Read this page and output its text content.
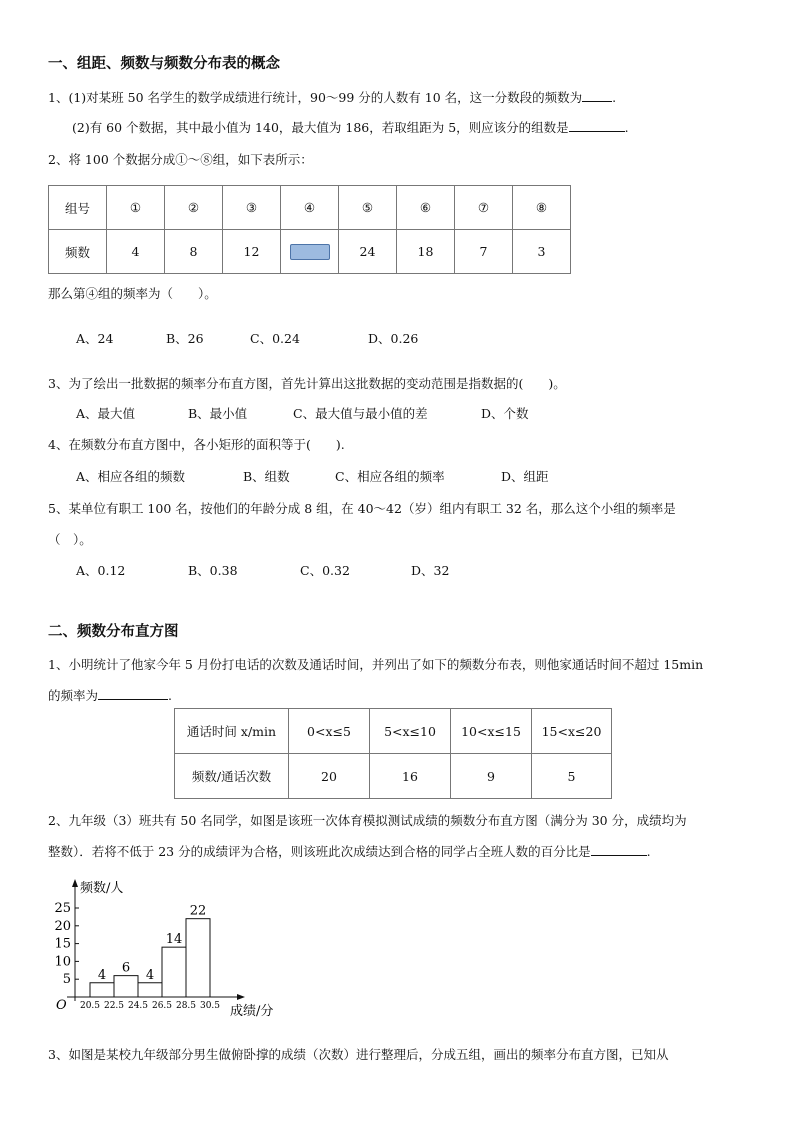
一、组距、频数与频数分布表的概念
1、(1)对某班 50 名学生的数学成绩进行统计，90～99 分的人数有 10 名，这一分数段的频数为 .
(2)有 60 个数据，其中最小值为 140，最大值为 186，若取组距为 5，则应该分的组数是	.
2、将 100 个数据分成①～⑧组，如下表所示：
组号	①	②	③	④	⑤	⑥	⑦	⑧
频数	4	8	12		24	18	7	3
那么第④组的频率为（　　）。
A、24	B、26	C、0.24	D、0.26
3、为了绘出一批数据的频率分布直方图，首先计算出这批数据的变动范围是指数据的(　　)。
A、最大值	B、最小值	C、最大值与最小值的差	D、个数
4、在频数分布直方图中，各小矩形的面积等于(　　).
A、相应各组的频数	B、组数	C、相应各组的频率	D、组距
5、某单位有职工 100 名，按他们的年龄分成 8 组，在 40～42（岁）组内有职工 32 名，那么这个小组的频率是
（　）。
A、0.12	B、0.38	C、0.32	D、32
二、频数分布直方图
1、小明统计了他家今年 5 月份打电话的次数及通话时间，并列出了如下的频数分布表，则他家通话时间不超过 15min
的频率为	.
通话时间 x/min	0<x≤5	5<x≤10	10<x≤15	15<x≤20
频数/通话次数	20	16	9	5
2、九年级（3）班共有 50 名同学，如图是该班一次体育模拟测试成绩的频数分布直方图（满分为 30 分，成绩均为
整数）．若将不低于 23 分的成绩评为合格，则该班此次成绩达到合格的同学占全班人数的百分比是	.
频数/人
成绩/分
O
5
10
15
20
25
4 6 4
14
22
20.5 22.5 24.5 26.5 28.5 30.5
3、如图是某校九年级部分男生做俯卧撑的成绩（次数）进行整理后，分成五组，画出的频率分布直方图，已知从
